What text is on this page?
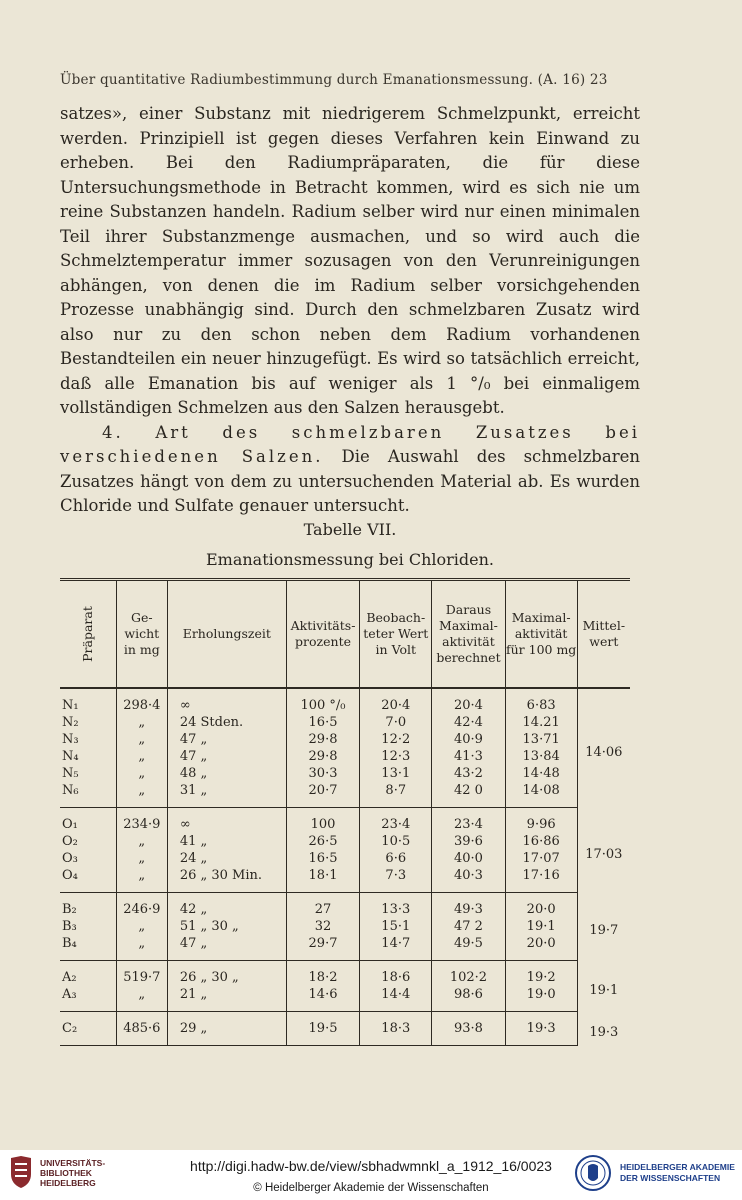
Über quantitative Radiumbestimmung durch Emanationsmessung. (A. 16) 23

satzes», einer Substanz mit niedrigerem Schmelzpunkt, erreicht werden. Prinzipiell ist gegen dieses Verfahren kein Einwand zu erheben. Bei den Radiumpräparaten, die für diese Untersuchungsmethode in Betracht kommen, wird es sich nie um reine Substanzen handeln. Radium selber wird nur einen minimalen Teil ihrer Substanzmenge ausmachen, und so wird auch die Schmelztemperatur immer sozusagen von den Verunreinigungen abhängen, von denen die im Radium selber vorsichgehenden Prozesse unabhängig sind. Durch den schmelzbaren Zusatz wird also nur zu den schon neben dem Radium vorhandenen Bestandteilen ein neuer hinzugefügt. Es wird so tatsächlich erreicht, daß alle Emanation bis auf weniger als 1 °/₀ bei einmaligem vollständigen Schmelzen aus den Salzen herausgebt.

4. Art des schmelzbaren Zusatzes bei verschiedenen Salzen. Die Auswahl des schmelzbaren Zusatzes hängt von dem zu untersuchenden Material ab. Es wurden Chloride und Sulfate genauer untersucht.

Tabelle VII.
Emanationsmessung bei Chloriden.
Präparat	Ge- wicht in mg	Erholungszeit	Aktivitäts- prozente	Beobach- teter Wert in Volt	Daraus Maximal- aktivität berechnet	Maximal- aktivität für 100 mg	Mittel- wert

N₁	298·4	∞	100 °/₀	20·4	20·4	6·83	14·06
N₂	„	24 Stden.	16·5	7·0	42·4	14.21	
N₃	„	47 „	29·8	12·2	40·9	13·71	
N₄	„	47 „	29·8	12·3	41·3	13·84	
N₅	„	48 „	30·3	13·1	43·2	14·48	
N₆	„	31 „	20·7	8·7	42 0	14·08	

O₁	234·9	∞	100	23·4	23·4	9·96	17·03
O₂	„	41 „	26·5	10·5	39·6	16·86	
O₃	„	24 „	16·5	6·6	40·0	17·07	
O₄	„	26 „ 30 Min.	18·1	7·3	40·3	17·16	

B₂	246·9	42 „	27	13·3	49·3	20·0	19·7
B₃	„	51 „ 30 „	32	15·1	47 2	19·1	
B₄	„	47 „	29·7	14·7	49·5	20·0	

A₂	519·7	26 „ 30 „	18·2	18·6	102·2	19·2	19·1
A₃	„	21 „	14·6	14·4	98·6	19·0	

C₂	485·6	29 „	19·5	18·3	93·8	19·3	19·3

UNIVERSITÄTS-
BIBLIOTHEK
HEIDELBERG
http://digi.hadw-bw.de/view/sbhadwmnkl_a_1912_16/0023
© Heidelberger Akademie der Wissenschaften
HEIDELBERGER AKADEMIE
DER WISSENSCHAFTEN
